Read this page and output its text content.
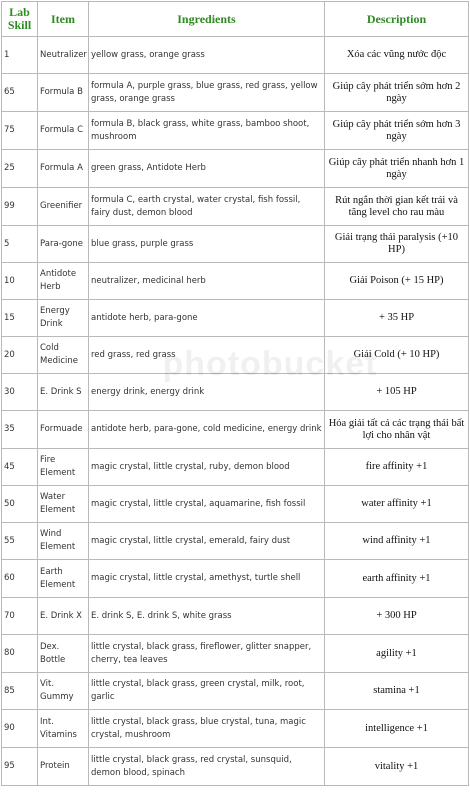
Lab Skill	Item	Ingredients	Description
1	Neutralizer	yellow grass, orange grass	Xóa các vũng nước độc
65	Formula B	formula A, purple grass, blue grass, red grass, yellow grass, orange grass	Giúp cây phát triển sớm hơn 2 ngày
75	Formula C	formula B, black grass, white grass, bamboo shoot, mushroom	Giúp cây phát triển sớm hơn 3 ngày
25	Formula A	green grass, Antidote Herb	Giúp cây phát triển nhanh hơn 1 ngày
99	Greenifier	formula C, earth crystal, water crystal, fish fossil, fairy dust, demon blood	Rút ngắn thời gian kết trái và tăng level cho rau màu
5	Para-gone	blue grass, purple grass	Giải trạng thái paralysis (+10 HP)
10	Antidote Herb	neutralizer, medicinal herb	Giải Poison (+ 15 HP)
15	Energy Drink	antidote herb, para-gone	+ 35 HP
20	Cold Medicine	red grass, red grass	Giải Cold (+ 10 HP)
30	E. Drink S	energy drink, energy drink	+ 105 HP
35	Formuade	antidote herb, para-gone, cold medicine, energy drink	Hóa giải tất cả các trạng thái bất lợi cho nhân vật
45	Fire Element	magic crystal, little crystal, ruby, demon blood	fire affinity +1
50	Water Element	magic crystal, little crystal, aquamarine, fish fossil	water affinity +1
55	Wind Element	magic crystal, little crystal, emerald, fairy dust	wind affinity +1
60	Earth Element	magic crystal, little crystal, amethyst, turtle shell	earth affinity +1
70	E. Drink X	E. drink S, E. drink S, white grass	+ 300 HP
80	Dex. Bottle	little crystal, black grass, fireflower, glitter snapper, cherry, tea leaves	agility +1
85	Vit. Gummy	little crystal, black grass, green crystal, milk, root, garlic	stamina +1
90	Int. Vitamins	little crystal, black grass, blue crystal, tuna, magic crystal, mushroom	intelligence +1
95	Protein	little crystal, black grass, red crystal, sunsquid, demon blood, spinach	vitality +1
photobucket
